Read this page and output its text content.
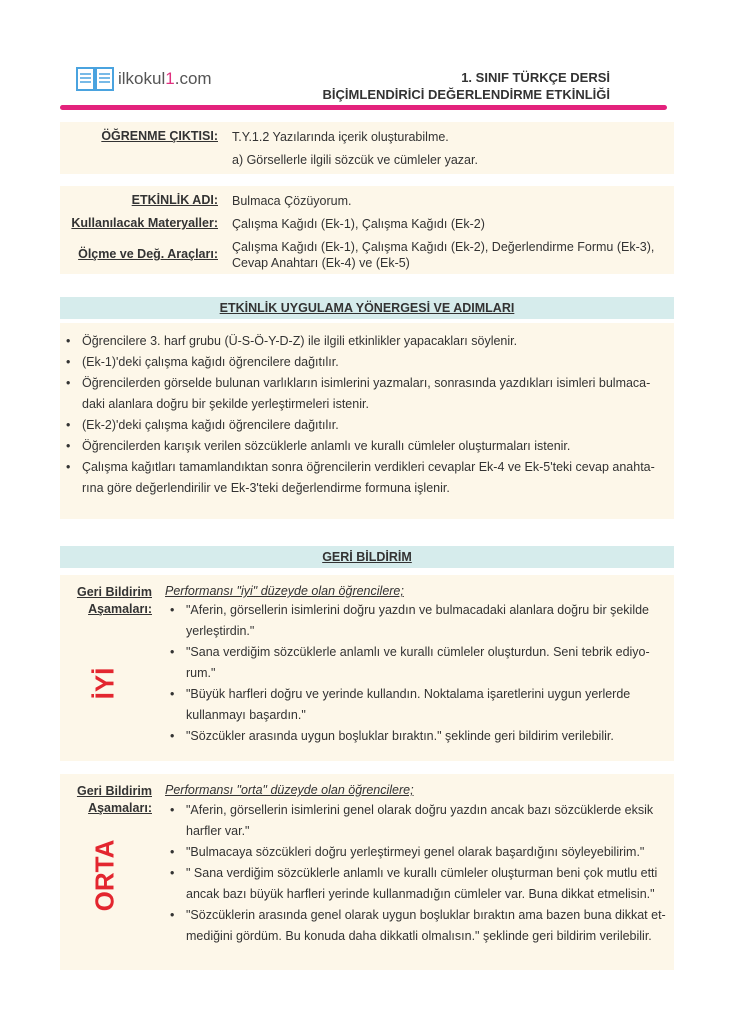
ilkokul1.com	1. SINIF TÜRKÇE DERSİ
BİÇİMLENDİRİCİ DEĞERLENDİRME ETKİNLİĞİ
ÖĞRENME ÇIKTISI: T.Y.1.2 Yazılarında içerik oluşturabilme.
a) Görsellerle ilgili sözcük ve cümleler yazar.
ETKİNLİK ADI: Bulmaca Çözüyorum.
Kullanılacak Materyaller: Çalışma Kağıdı (Ek-1), Çalışma Kağıdı (Ek-2)
Ölçme ve Değ. Araçları: Çalışma Kağıdı (Ek-1), Çalışma Kağıdı (Ek-2), Değerlendirme Formu (Ek-3),
Cevap Anahtarı (Ek-4) ve (Ek-5)
ETKİNLİK UYGULAMA YÖNERGESİ VE ADIMLARI
• Öğrencilere 3. harf grubu (Ü-S-Ö-Y-D-Z) ile ilgili etkinlikler yapacakları söylenir.
• (Ek-1)'deki çalışma kağıdı öğrencilere dağıtılır.
• Öğrencilerden görselde bulunan varlıkların isimlerini yazmaları, sonrasında yazdıkları isimleri bulmaca-
daki alanlara doğru bir şekilde yerleştirmeleri istenir.
• (Ek-2)'deki çalışma kağıdı öğrencilere dağıtılır.
• Öğrencilerden karışık verilen sözcüklerle anlamlı ve kurallı cümleler oluşturmaları istenir.
• Çalışma kağıtları tamamlandıktan sonra öğrencilerin verdikleri cevaplar Ek-4 ve Ek-5'teki cevap anahta-
rına göre değerlendirilir ve Ek-3'teki değerlendirme formuna işlenir.
GERİ BİLDİRİM
Geri Bildirim
Aşamaları:
İYİ
Performansı "iyi" düzeyde olan öğrencilere;
• "Aferin, görsellerin isimlerini doğru yazdın ve bulmacadaki alanlara doğru bir şekilde
yerleştirdin."
• "Sana verdiğim sözcüklerle anlamlı ve kurallı cümleler oluşturdun. Seni tebrik ediyo-
rum."
• "Büyük harfleri doğru ve yerinde kullandın. Noktalama işaretlerini uygun yerlerde
kullanmayı başardın."
• "Sözcükler arasında uygun boşluklar bıraktın." şeklinde geri bildirim verilebilir.
Geri Bildirim
Aşamaları:
ORTA
Performansı "orta" düzeyde olan öğrencilere;
• "Aferin, görsellerin isimlerini genel olarak doğru yazdın ancak bazı sözcüklerde eksik
harfler var."
• "Bulmacaya sözcükleri doğru yerleştirmeyi genel olarak başardığını söyleyebilirim."
• " Sana verdiğim sözcüklerle anlamlı ve kurallı cümleler oluşturman beni çok mutlu etti
ancak bazı büyük harfleri yerinde kullanmadığın cümleler var. Buna dikkat etmelisin."
• "Sözcüklerin arasında genel olarak uygun boşluklar bıraktın ama bazen buna dikkat et-
mediğini gördüm. Bu konuda daha dikkatli olmalısın." şeklinde geri bildirim verilebilir.
